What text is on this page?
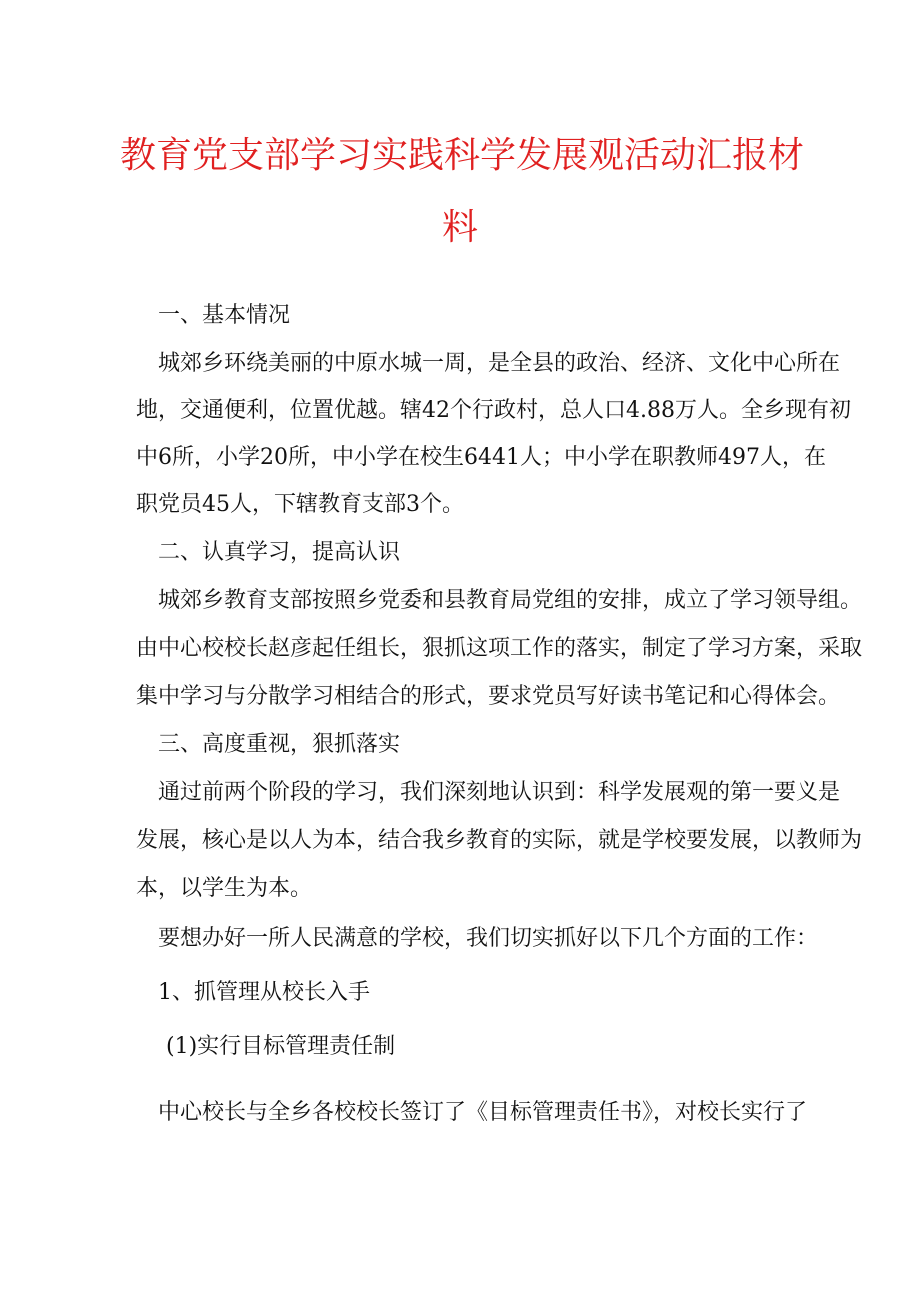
教育党支部学习实践科学发展观活动汇报材
料
一、基本情况
城郊乡环绕美丽的中原水城一周，是全县的政治、经济、文化中心所在
地，交通便利，位置优越。辖42个行政村，总人口4.88万人。全乡现有初
中6所，小学20所，中小学在校生6441人；中小学在职教师497人，在
职党员45人，下辖教育支部3个。
二、认真学习，提高认识
城郊乡教育支部按照乡党委和县教育局党组的安排，成立了学习领导组。
由中心校校长赵彦起任组长，狠抓这项工作的落实，制定了学习方案，采取
集中学习与分散学习相结合的形式，要求党员写好读书笔记和心得体会。
三、高度重视，狠抓落实
通过前两个阶段的学习，我们深刻地认识到：科学发展观的第一要义是
发展，核心是以人为本，结合我乡教育的实际，就是学校要发展，以教师为
本，以学生为本。
要想办好一所人民满意的学校，我们切实抓好以下几个方面的工作：
1、抓管理从校长入手
(1)实行目标管理责任制
中心校长与全乡各校校长签订了《目标管理责任书》，对校长实行了
